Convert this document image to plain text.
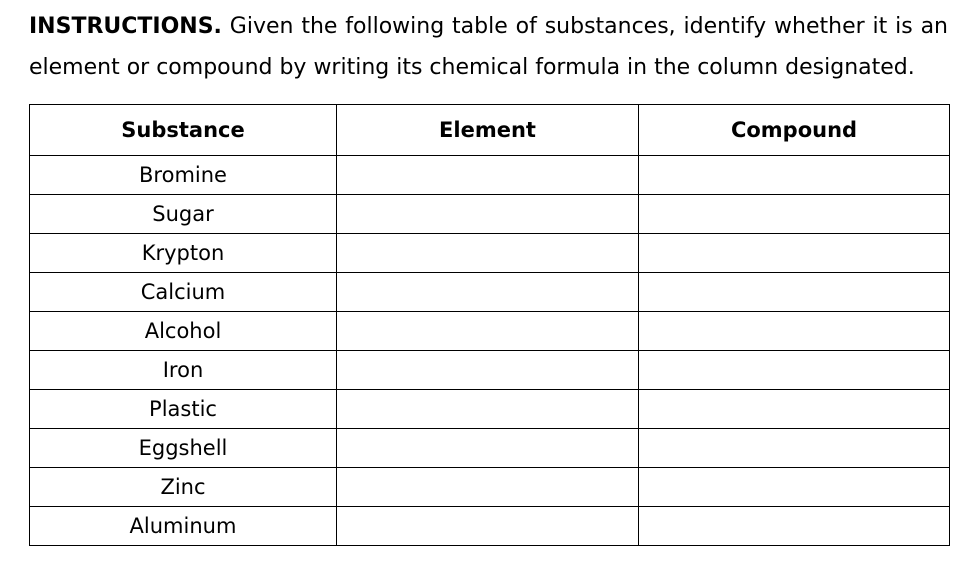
INSTRUCTIONS. Given the following table of substances, identify whether it is an element or compound by writing its chemical formula in the column designated.

Substance	Element	Compound
Bromine		
Sugar		
Krypton		
Calcium		
Alcohol		
Iron		
Plastic		
Eggshell		
Zinc		
Aluminum		
